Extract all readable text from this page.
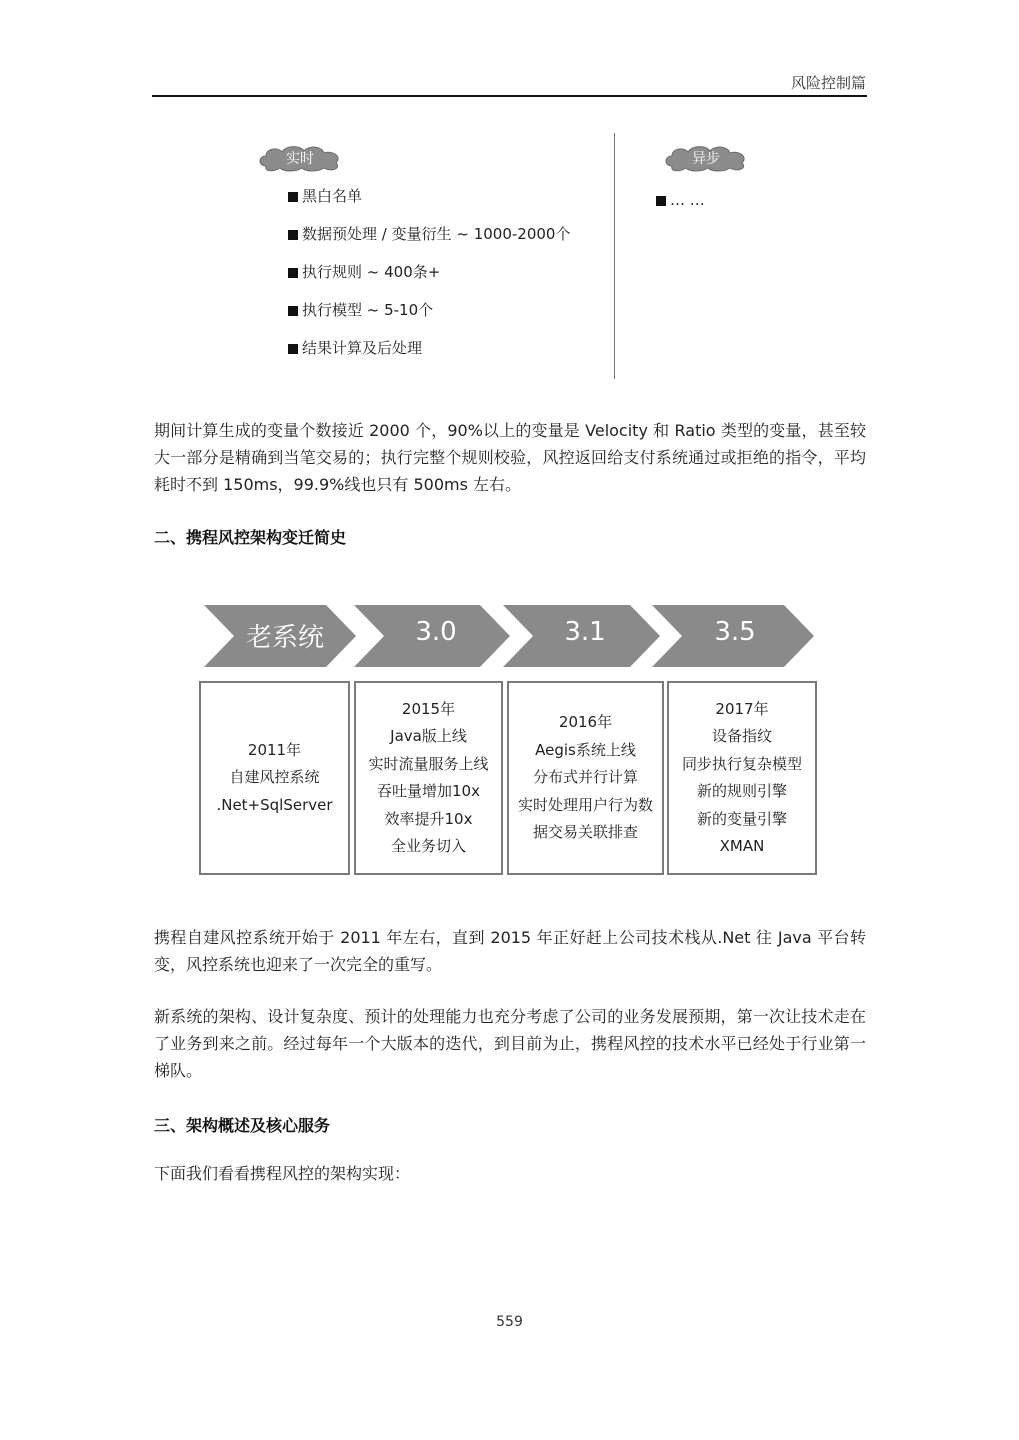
风险控制篇
实时	异步
黑白名单
数据预处理 / 变量衍生 ~ 1000-2000个
执行规则 ~ 400条+
执行模型 ~ 5-10个
结果计算及后处理
… …
期间计算生成的变量个数接近 2000 个，90%以上的变量是 Velocity 和 Ratio 类型的变量，甚至较大一部分是精确到当笔交易的；执行完整个规则校验，风控返回给支付系统通过或拒绝的指令，平均耗时不到 150ms，99.9%线也只有 500ms 左右。
二、携程风控架构变迁简史
老系统	3.0	3.1	3.5
2011年
自建风控系统
.Net+SqlServer
2015年
Java版上线
实时流量服务上线
吞吐量增加10x
效率提升10x
全业务切入
2016年
Aegis系统上线
分布式并行计算
实时处理用户行为数
据交易关联排查
2017年
设备指纹
同步执行复杂模型
新的规则引擎
新的变量引擎
XMAN
携程自建风控系统开始于 2011 年左右，直到 2015 年正好赶上公司技术栈从.Net 往 Java 平台转变，风控系统也迎来了一次完全的重写。
新系统的架构、设计复杂度、预计的处理能力也充分考虑了公司的业务发展预期，第一次让技术走在了业务到来之前。经过每年一个大版本的迭代，到目前为止，携程风控的技术水平已经处于行业第一梯队。
三、架构概述及核心服务
下面我们看看携程风控的架构实现：
559
